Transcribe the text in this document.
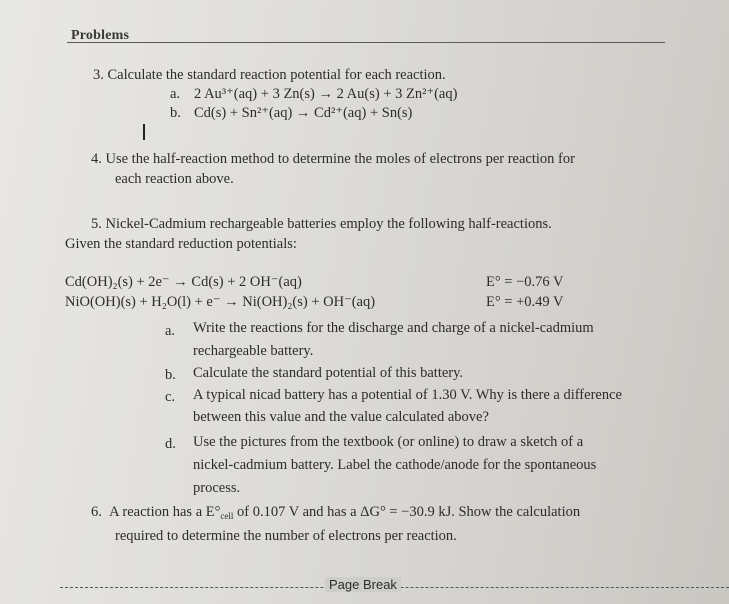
Problems
3. Calculate the standard reaction potential for each reaction.
a. 2 Au³⁺(aq) + 3 Zn(s) → 2 Au(s) + 3 Zn²⁺(aq)
b. Cd(s) + Sn²⁺(aq) → Cd²⁺(aq) + Sn(s)
4. Use the half-reaction method to determine the moles of electrons per reaction for
each reaction above.
5. Nickel-Cadmium rechargeable batteries employ the following half-reactions.
Given the standard reduction potentials:
Cd(OH)₂(s) + 2e⁻ → Cd(s) + 2 OH⁻(aq)	E° = −0.76 V
NiO(OH)(s) + H₂O(l) + e⁻ → Ni(OH)₂(s) + OH⁻(aq)	E° = +0.49 V
a. Write the reactions for the discharge and charge of a nickel-cadmium
rechargeable battery.
b. Calculate the standard potential of this battery.
c. A typical nicad battery has a potential of 1.30 V. Why is there a difference
between this value and the value calculated above?
d. Use the pictures from the textbook (or online) to draw a sketch of a
nickel-cadmium battery. Label the cathode/anode for the spontaneous
process.
6. A reaction has a $E^\circ_{cell}$ of 0.107 V and has a ΔG° = −30.9 kJ. Show the calculation
required to determine the number of electrons per reaction.
Page Break
